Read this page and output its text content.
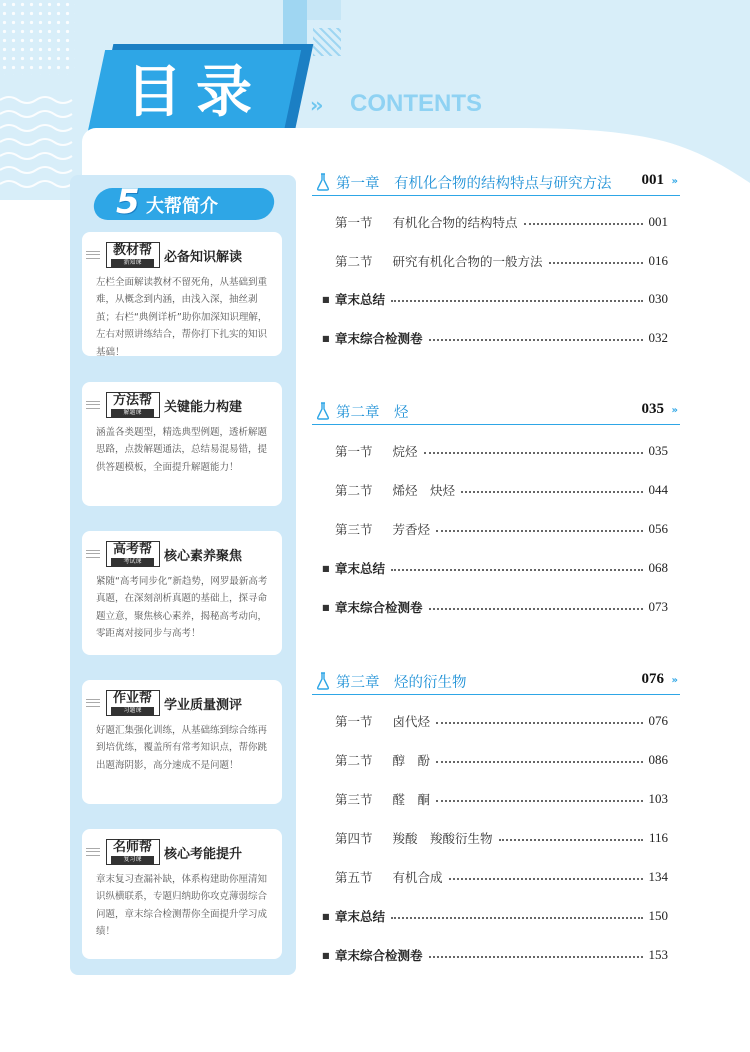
目录	›› CONTENTS
5 大帮简介
教材帮
新知课	必备知识解读
左栏全面解读教材不留死角，从基础到重难，从概念到内涵，由浅入深，抽丝剥茧；右栏“典例详析”助你加深知识理解，左右对照讲练结合，帮你打下扎实的知识基础！
方法帮
解题课	关键能力构建
涵盖各类题型，精选典型例题，透析解题思路，点拨解题通法，总结易混易错，提供答题模板，全面提升解题能力！
高考帮
考试课	核心素养聚焦
紧随“高考同步化”新趋势，网罗最新高考真题，在深刻剖析真题的基础上，探寻命题立意，聚焦核心素养，揭秘高考动向，零距离对接同步与高考！
作业帮
习题课	学业质量测评
好题汇集强化训练，从基础练到综合练再到培优练，覆盖所有常考知识点，帮你跳出题海阴影，高分速成不是问题！
名师帮
复习课	核心考能提升
章末复习查漏补缺，体系构建助你厘清知识纵横联系，专题归纳助你攻克薄弱综合问题，章末综合检测帮你全面提升学习成绩！
第一章　有机化合物的结构特点与研究方法 001 »
第一节 有机化合物的结构特点	001
第二节 研究有机化合物的一般方法	016
■ 章末总结	030
■ 章末综合检测卷	032
第二章　烃	035 »
第一节 烷烃	035
第二节 烯烃　炔烃	044
第三节 芳香烃	056
■ 章末总结	068
■ 章末综合检测卷	073
第三章　烃的衍生物	076 »
第一节 卤代烃	076
第二节 醇　酚	086
第三节 醛　酮	103
第四节 羧酸　羧酸衍生物	116
第五节 有机合成	134
■ 章末总结	150
■ 章末综合检测卷	153
